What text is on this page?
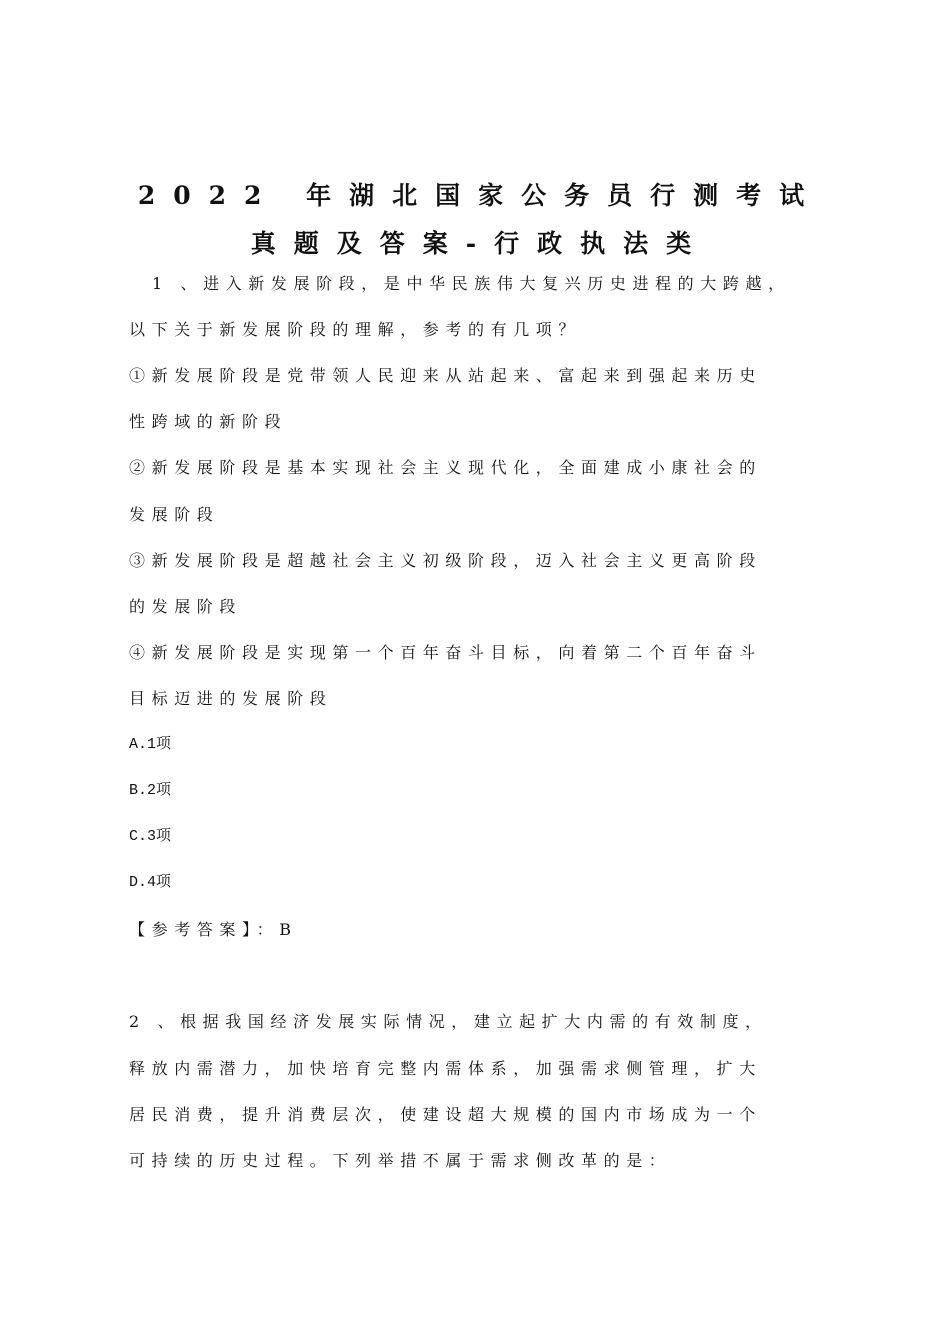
2022 年湖北国家公务员行测考试
真题及答案-行政执法类
1 、进入新发展阶段，是中华民族伟大复兴历史进程的大跨越，
以下关于新发展阶段的理解，参考的有几项？
①新发展阶段是党带领人民迎来从站起来、富起来到强起来历史
性跨域的新阶段
②新发展阶段是基本实现社会主义现代化，全面建成小康社会的
发展阶段
③新发展阶段是超越社会主义初级阶段，迈入社会主义更高阶段
的发展阶段
④新发展阶段是实现第一个百年奋斗目标，向着第二个百年奋斗
目标迈进的发展阶段
A.1项
B.2项
C.3项
D.4项
【参考答案】：B
2 、根据我国经济发展实际情况，建立起扩大内需的有效制度，
释放内需潜力，加快培育完整内需体系，加强需求侧管理，扩大
居民消费，提升消费层次，使建设超大规模的国内市场成为一个
可持续的历史过程。下列举措不属于需求侧改革的是：
